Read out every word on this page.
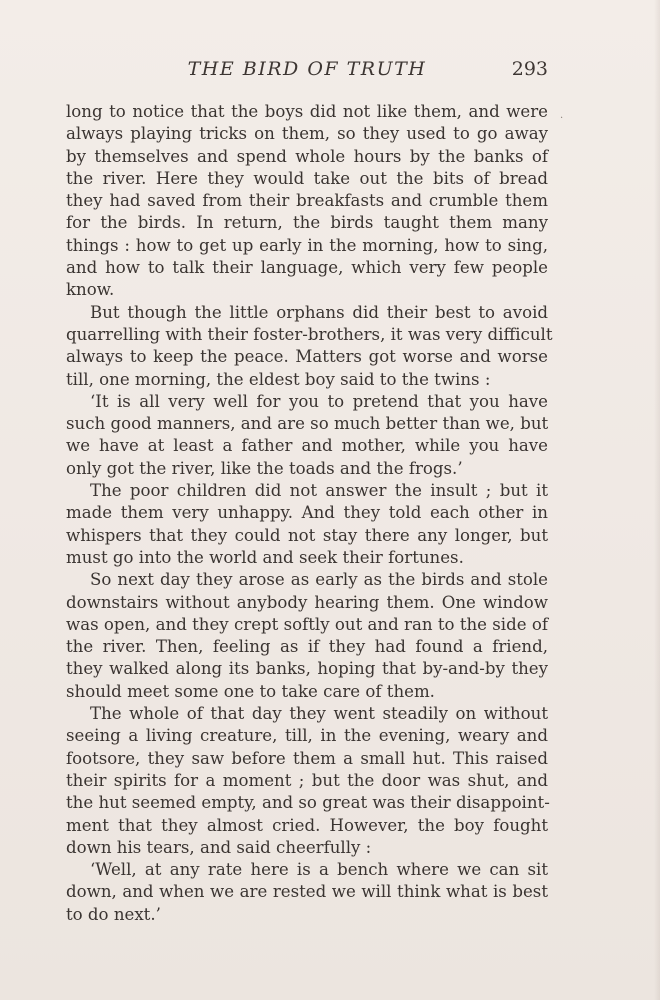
THE BIRD OF TRUTH	293
.
long to notice that the boys did not like them, and were
always playing tricks on them, so they used to go away
by themselves and spend whole hours by the banks of
the river. Here they would take out the bits of bread
they had saved from their breakfasts and crumble them
for the birds. In return, the birds taught them many
things : how to get up early in the morning, how to sing,
and how to talk their language, which very few people
know.
But though the little orphans did their best to avoid
quarrelling with their foster-brothers, it was very difficult
always to keep the peace. Matters got worse and worse
till, one morning, the eldest boy said to the twins :
‘It is all very well for you to pretend that you have
such good manners, and are so much better than we, but
we have at least a father and mother, while you have
only got the river, like the toads and the frogs.’
The poor children did not answer the insult ; but it
made them very unhappy. And they told each other in
whispers that they could not stay there any longer, but
must go into the world and seek their fortunes.
So next day they arose as early as the birds and stole
downstairs without anybody hearing them. One window
was open, and they crept softly out and ran to the side of
the river. Then, feeling as if they had found a friend,
they walked along its banks, hoping that by-and-by they
should meet some one to take care of them.
The whole of that day they went steadily on without
seeing a living creature, till, in the evening, weary and
footsore, they saw before them a small hut. This raised
their spirits for a moment ; but the door was shut, and
the hut seemed empty, and so great was their disappoint-
ment that they almost cried. However, the boy fought
down his tears, and said cheerfully :
‘Well, at any rate here is a bench where we can sit
down, and when we are rested we will think what is best
to do next.’
